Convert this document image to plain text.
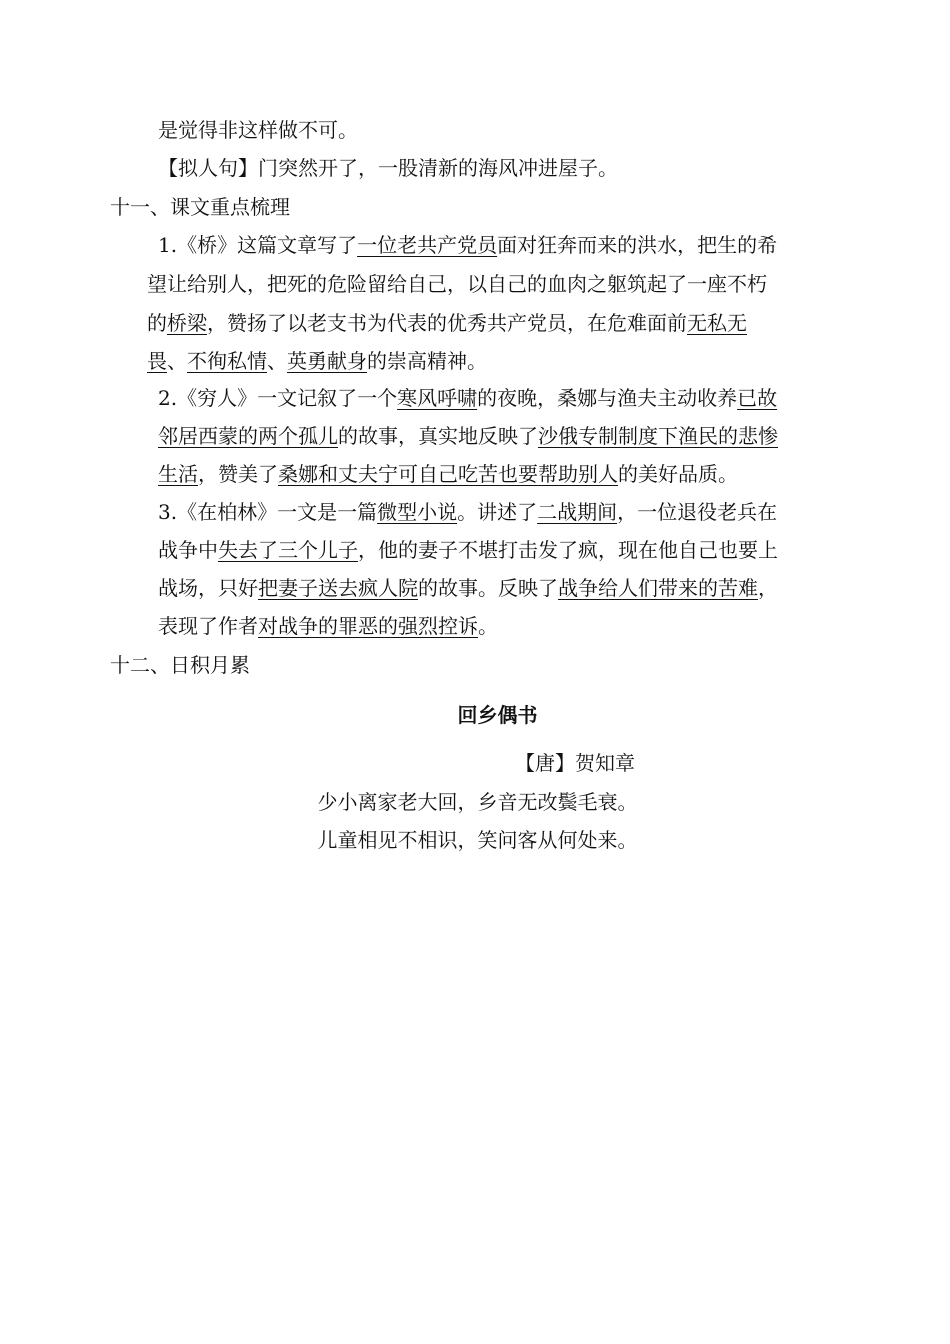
是觉得非这样做不可。
【拟人句】门突然开了，一股清新的海风冲进屋子。
十一、课文重点梳理
1.《桥》这篇文章写了一位老共产党员面对狂奔而来的洪水，把生的希
望让给别人，把死的危险留给自己，以自己的血肉之躯筑起了一座不朽
的桥梁，赞扬了以老支书为代表的优秀共产党员，在危难面前无私无
畏、不徇私情、英勇献身的崇高精神。
2.《穷人》一文记叙了一个寒风呼啸的夜晚，桑娜与渔夫主动收养已故
邻居西蒙的两个孤儿的故事，真实地反映了沙俄专制制度下渔民的悲惨
生活，赞美了桑娜和丈夫宁可自己吃苦也要帮助别人的美好品质。
3.《在柏林》一文是一篇微型小说。讲述了二战期间，一位退役老兵在
战争中失去了三个儿子，他的妻子不堪打击发了疯，现在他自己也要上
战场，只好把妻子送去疯人院的故事。反映了战争给人们带来的苦难，
表现了作者对战争的罪恶的强烈控诉。
十二、日积月累
回乡偶书
【唐】贺知章
少小离家老大回，乡音无改鬓毛衰。
儿童相见不相识，笑问客从何处来。
